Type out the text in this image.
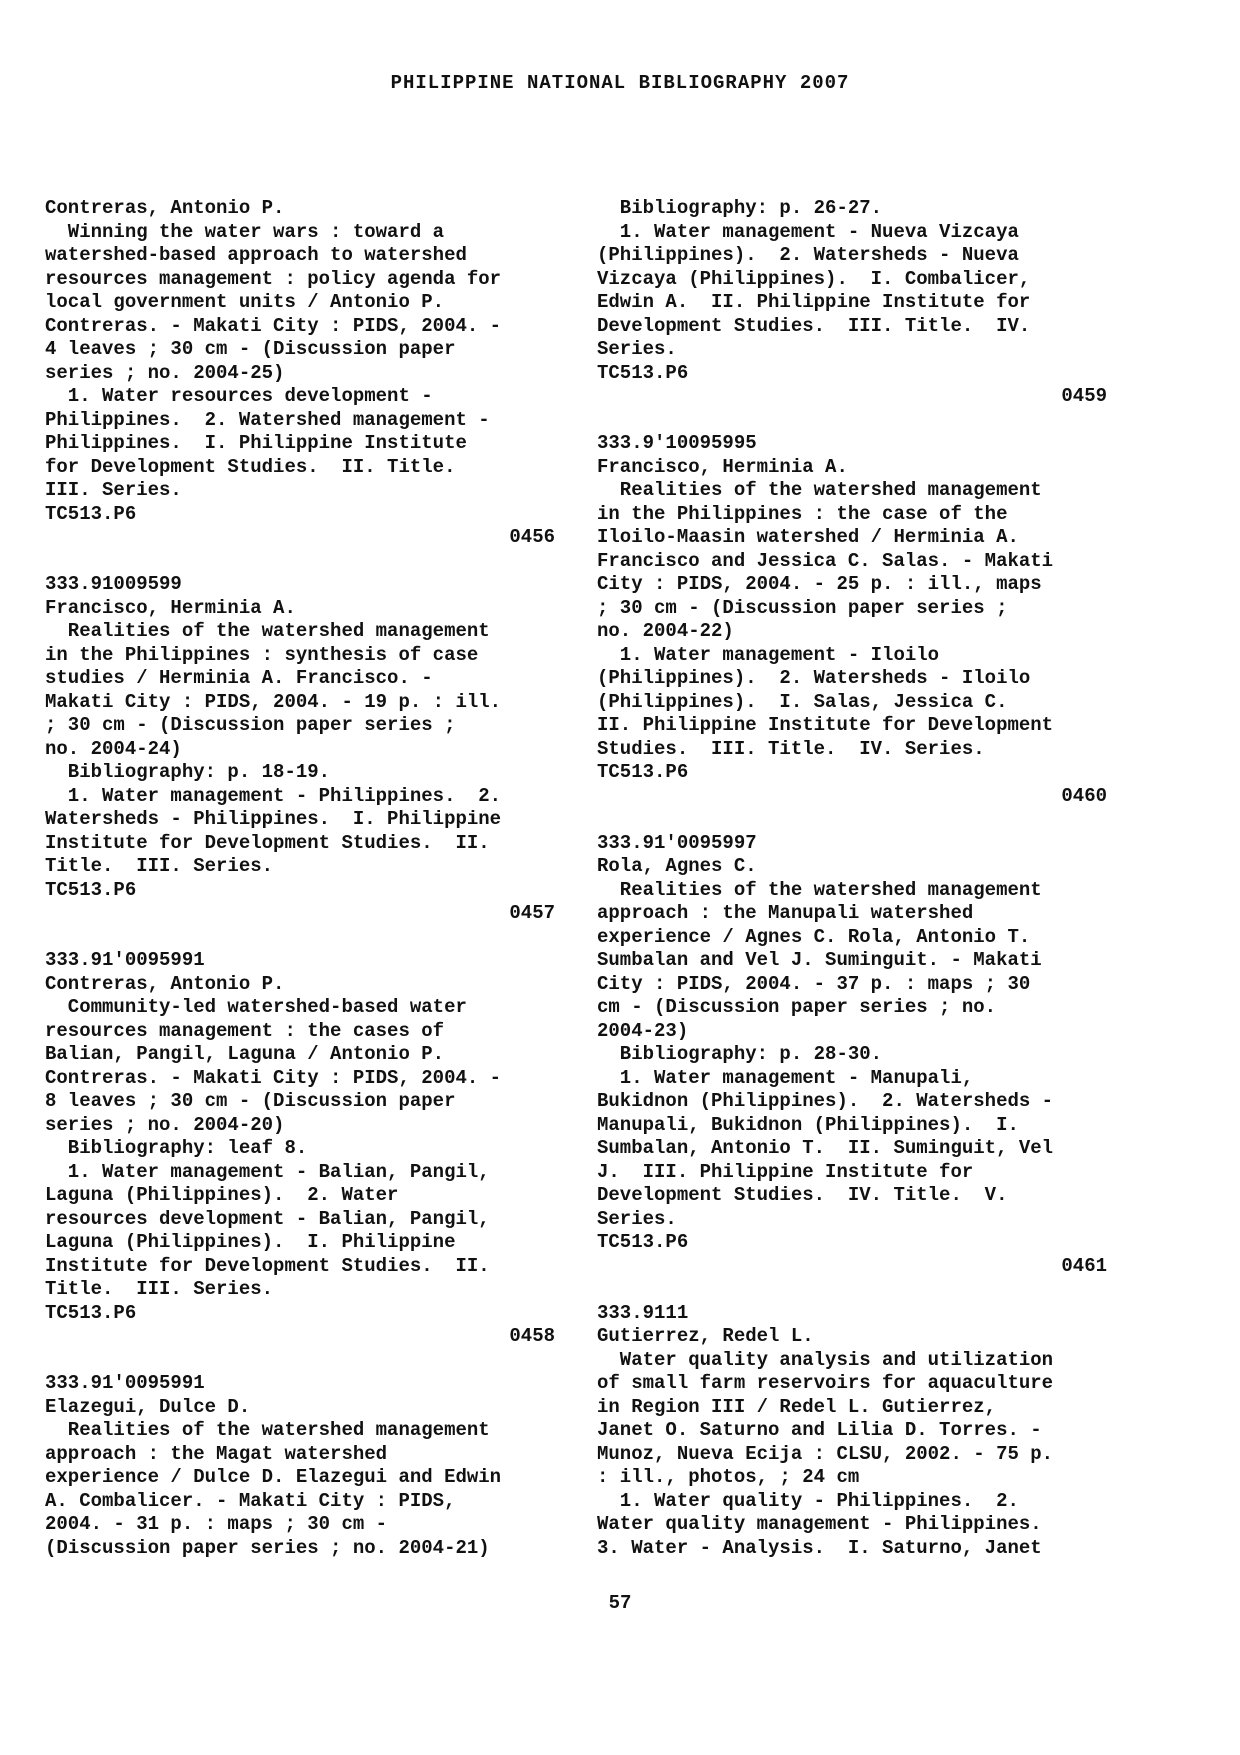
PHILIPPINE NATIONAL BIBLIOGRAPHY 2007
Contreras, Antonio P.
Winning the water wars : toward a
watershed-based approach to watershed
resources management : policy agenda for
local government units / Antonio P.
Contreras. - Makati City : PIDS, 2004. -
4 leaves ; 30 cm - (Discussion paper
series ; no. 2004-25)
1. Water resources development -
Philippines.  2. Watershed management -
Philippines.  I. Philippine Institute
for Development Studies.  II. Title.
III. Series.
TC513.P6
0456
333.91009599
Francisco, Herminia A.
Realities of the watershed management
in the Philippines : synthesis of case
studies / Herminia A. Francisco. -
Makati City : PIDS, 2004. - 19 p. : ill.
; 30 cm - (Discussion paper series ;
no. 2004-24)
Bibliography: p. 18-19.
1. Water management - Philippines.  2.
Watersheds - Philippines.  I. Philippine
Institute for Development Studies.  II.
Title.  III. Series.
TC513.P6
0457
333.91'0095991
Contreras, Antonio P.
Community-led watershed-based water
resources management : the cases of
Balian, Pangil, Laguna / Antonio P.
Contreras. - Makati City : PIDS, 2004. -
8 leaves ; 30 cm - (Discussion paper
series ; no. 2004-20)
Bibliography: leaf 8.
1. Water management - Balian, Pangil,
Laguna (Philippines).  2. Water
resources development - Balian, Pangil,
Laguna (Philippines).  I. Philippine
Institute for Development Studies.  II.
Title.  III. Series.
TC513.P6
0458
333.91'0095991
Elazegui, Dulce D.
Realities of the watershed management
approach : the Magat watershed
experience / Dulce D. Elazegui and Edwin
A. Combalicer. - Makati City : PIDS,
2004. - 31 p. : maps ; 30 cm -
(Discussion paper series ; no. 2004-21)
Bibliography: p. 26-27.
1. Water management - Nueva Vizcaya
(Philippines).  2. Watersheds - Nueva
Vizcaya (Philippines).  I. Combalicer,
Edwin A.  II. Philippine Institute for
Development Studies.  III. Title.  IV.
Series.
TC513.P6
0459
333.9'10095995
Francisco, Herminia A.
Realities of the watershed management
in the Philippines : the case of the
Iloilo-Maasin watershed / Herminia A.
Francisco and Jessica C. Salas. - Makati
City : PIDS, 2004. - 25 p. : ill., maps
; 30 cm - (Discussion paper series ;
no. 2004-22)
1. Water management - Iloilo
(Philippines).  2. Watersheds - Iloilo
(Philippines).  I. Salas, Jessica C.
II. Philippine Institute for Development
Studies.  III. Title.  IV. Series.
TC513.P6
0460
333.91'0095997
Rola, Agnes C.
Realities of the watershed management
approach : the Manupali watershed
experience / Agnes C. Rola, Antonio T.
Sumbalan and Vel J. Suminguit. - Makati
City : PIDS, 2004. - 37 p. : maps ; 30
cm - (Discussion paper series ; no.
2004-23)
Bibliography: p. 28-30.
1. Water management - Manupali,
Bukidnon (Philippines).  2. Watersheds -
Manupali, Bukidnon (Philippines).  I.
Sumbalan, Antonio T.  II. Suminguit, Vel
J.  III. Philippine Institute for
Development Studies.  IV. Title.  V.
Series.
TC513.P6
0461
333.9111
Gutierrez, Redel L.
Water quality analysis and utilization
of small farm reservoirs for aquaculture
in Region III / Redel L. Gutierrez,
Janet O. Saturno and Lilia D. Torres. -
Munoz, Nueva Ecija : CLSU, 2002. - 75 p.
: ill., photos, ; 24 cm
1. Water quality - Philippines.  2.
Water quality management - Philippines.
3. Water - Analysis.  I. Saturno, Janet
57
